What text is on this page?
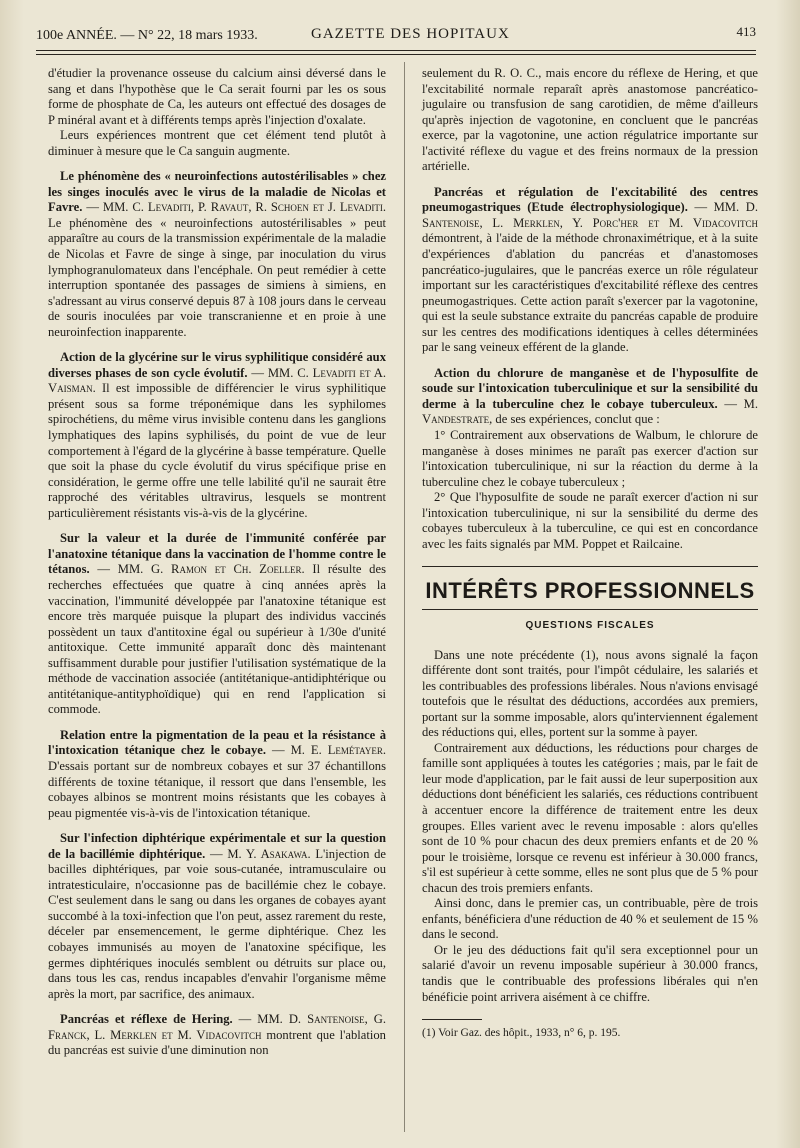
100e ANNÉE. — N° 22, 18 mars 1933.	GAZETTE DES HOPITAUX	413

d'étudier la provenance osseuse du calcium ainsi déversé dans le sang et dans l'hypothèse que le Ca serait fourni par les os sous forme de phosphate de Ca, les auteurs ont effectué des dosages de P minéral avant et à différents temps après l'injection d'oxalate.

Leurs expériences montrent que cet élément tend plutôt à diminuer à mesure que le Ca sanguin augmente.

Le phénomène des « neuroinfections autostérilisables » chez les singes inoculés avec le virus de la maladie de Nicolas et Favre. — MM. C. Levaditi, P. Ravaut, R. Schoen et J. Levaditi. Le phénomène des « neuroinfections autostérilisables » peut apparaître au cours de la transmission expérimentale de la maladie de Nicolas et Favre de singe à singe, par inoculation du virus lymphogranulomateux dans l'encéphale. On peut remédier à cette interruption spontanée des passages de simiens à simiens, en s'adressant au virus conservé depuis 87 à 108 jours dans le cerveau de souris inoculées par voie transcranienne et en proie à une neuroinfection inapparente.

Action de la glycérine sur le virus syphilitique considéré aux diverses phases de son cycle évolutif. — MM. C. Levaditi et A. Vaisman. Il est impossible de différencier le virus syphilitique présent sous sa forme tréponémique dans les syphilomes spirochétiens, du même virus invisible contenu dans les ganglions lymphatiques des lapins syphilisés, du point de vue de leur comportement à l'égard de la glycérine à basse température. Quelle que soit la phase du cycle évolutif du virus spécifique prise en considération, le germe offre une telle labilité qu'il ne saurait être rapproché des véritables ultravirus, lesquels se montrent particulièrement résistants vis-à-vis de la glycérine.

Sur la valeur et la durée de l'immunité conférée par l'anatoxine tétanique dans la vaccination de l'homme contre le tétanos. — MM. G. Ramon et Ch. Zoeller. Il résulte des recherches effectuées que quatre à cinq années après la vaccination, l'immunité développée par l'anatoxine tétanique est encore très marquée puisque la plupart des individus vaccinés possèdent un taux d'antitoxine égal ou supérieur à 1/30e d'unité antitoxique. Cette immunité apparaît donc dès maintenant suffisamment durable pour justifier l'utilisation systématique de la méthode de vaccination associée (antitétanique-antidiphtérique ou antitétanique-antityphoïdique) qui en rend l'application si commode.

Relation entre la pigmentation de la peau et la résistance à l'intoxication tétanique chez le cobaye. — M. E. Lemétayer. D'essais portant sur de nombreux cobayes et sur 37 échantillons différents de toxine tétanique, il ressort que dans l'ensemble, les cobayes albinos se montrent moins résistants que les cobayes à peau pigmentée vis-à-vis de l'intoxication tétanique.

Sur l'infection diphtérique expérimentale et sur la question de la bacillémie diphtérique. — M. Y. Asakawa. L'injection de bacilles diphtériques, par voie sous-cutanée, intramusculaire ou intratesticulaire, n'occasionne pas de bacillémie chez le cobaye. C'est seulement dans le sang ou dans les organes de cobayes ayant succombé à la toxi-infection que l'on peut, assez rarement du reste, déceler par ensemencement, le germe diphtérique. Chez les cobayes immunisés au moyen de l'anatoxine spécifique, les germes diphtériques inoculés semblent ou détruits sur place ou, dans tous les cas, rendus incapables d'envahir l'organisme même après la mort, par sacrifice, des animaux.

Pancréas et réflexe de Hering. — MM. D. Santenoise, G. Franck, L. Merklen et M. Vidacovitch montrent que l'ablation du pancréas est suivie d'une diminution non

seulement du R. O. C., mais encore du réflexe de Hering, et que l'excitabilité normale reparaît après anastomose pancréatico-jugulaire ou transfusion de sang carotidien, de même d'ailleurs qu'après injection de vagotonine, en concluent que le pancréas exerce, par la vagotonine, une action régulatrice importante sur l'activité réflexe du vague et des freins normaux de la pression artérielle.

Pancréas et régulation de l'excitabilité des centres pneumogastriques (Etude électrophysiologique). — MM. D. Santenoise, L. Merklen, Y. Porc'her et M. Vidacovitch démontrent, à l'aide de la méthode chronaximétrique, et à la suite d'expériences d'ablation du pancréas et d'anastomoses pancréatico-jugulaires, que le pancréas exerce un rôle régulateur important sur les caractéristiques d'excitabilité réflexe des centres pneumogastriques. Cette action paraît s'exercer par la vagotonine, qui est la seule substance extraite du pancréas capable de produire sur les centres des modifications identiques à celles déterminées par le sang veineux efférent de la glande.

Action du chlorure de manganèse et de l'hyposulfite de soude sur l'intoxication tuberculinique et sur la sensibilité du derme à la tuberculine chez le cobaye tuberculeux. — M. Vandestrate, de ses expériences, conclut que :

1° Contrairement aux observations de Walbum, le chlorure de manganèse à doses minimes ne paraît pas exercer d'action sur l'intoxication tuberculinique, ni sur la réaction du derme à la tuberculine chez le cobaye tuberculeux ;

2° Que l'hyposulfite de soude ne paraît exercer d'action ni sur l'intoxication tuberculinique, ni sur la sensibilité du derme des cobayes tuberculeux à la tuberculine, ce qui est en concordance avec les faits signalés par MM. Poppet et Railcaine.

INTÉRÊTS PROFESSIONNELS
QUESTIONS FISCALES

Dans une note précédente (1), nous avons signalé la façon différente dont sont traités, pour l'impôt cédulaire, les salariés et les contribuables des professions libérales. Nous n'avions envisagé toutefois que le résultat des déductions, accordées aux premiers, portant sur la somme imposable, alors qu'interviennent également des réductions qui, elles, portent sur la somme à payer.

Contrairement aux déductions, les réductions pour charges de famille sont appliquées à toutes les catégories ; mais, par le fait de leur mode d'application, par le fait aussi de leur superposition aux déductions dont bénéficient les salariés, ces réductions contribuent à accentuer encore la différence de traitement entre les deux groupes. Elles varient avec le revenu imposable : alors qu'elles sont de 10 % pour chacun des deux premiers enfants et de 20 % pour le troisième, lorsque ce revenu est inférieur à 30.000 francs, s'il est supérieur à cette somme, elles ne sont plus que de 5 % pour chacun des trois premiers enfants.

Ainsi donc, dans le premier cas, un contribuable, père de trois enfants, bénéficiera d'une réduction de 40 % et seulement de 15 % dans le second.

Or le jeu des déductions fait qu'il sera exceptionnel pour un salarié d'avoir un revenu imposable supérieur à 30.000 francs, tandis que le contribuable des professions libérales qui n'en bénéficie point arrivera aisément à ce chiffre.

(1) Voir Gaz. des hôpit., 1933, n° 6, p. 195.
